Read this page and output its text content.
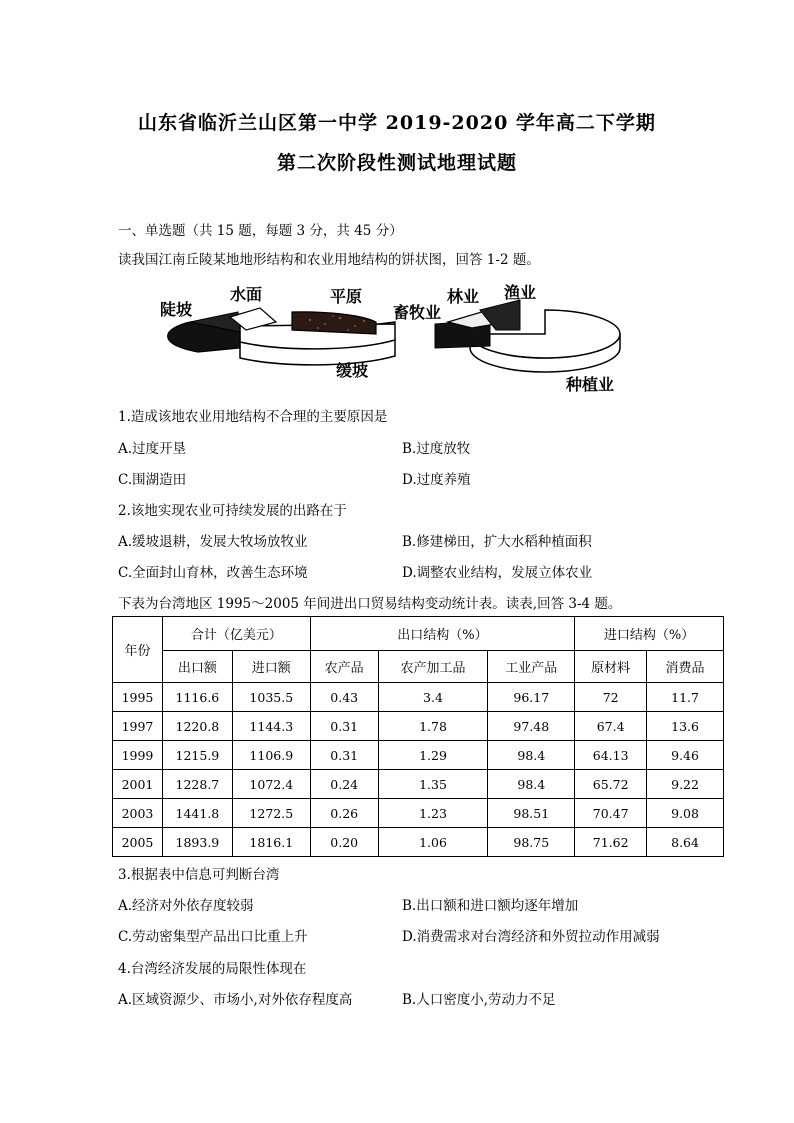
山东省临沂兰山区第一中学 2019-2020 学年高二下学期
第二次阶段性测试地理试题
一、单选题（共 15 题，每题 3 分，共 45 分）
读我国江南丘陵某地地形结构和农业用地结构的饼状图，回答 1-2 题。
陡坡
水面	平原
缓坡
畜牧业
林业 渔业
种植业
1.造成该地农业用地结构不合理的主要原因是
A.过度开垦	B.过度放牧
C.围湖造田	D.过度养殖
2.该地实现农业可持续发展的出路在于
A.缓坡退耕，发展大牧场放牧业	B.修建梯田，扩大水稻种植面积
C.全面封山育林，改善生态环境	D.调整农业结构，发展立体农业
下表为台湾地区 1995～2005 年间进出口贸易结构变动统计表。读表,回答 3-4 题。
年份	合计（亿美元）		出口结构（%）			进口结构（%）	
	出口额	进口额	农产品	农产加工品	工业产品	原材料	消费品
1995	1116.6	1035.5	0.43	3.4	96.17	72	11.7
1997	1220.8	1144.3	0.31	1.78	97.48	67.4	13.6
1999	1215.9	1106.9	0.31	1.29	98.4	64.13	9.46
2001	1228.7	1072.4	0.24	1.35	98.4	65.72	9.22
2003	1441.8	1272.5	0.26	1.23	98.51	70.47	9.08
2005	1893.9	1816.1	0.20	1.06	98.75	71.62	8.64
3.根据表中信息可判断台湾
A.经济对外依存度较弱	B.出口额和进口额均逐年增加
C.劳动密集型产品出口比重上升	D.消费需求对台湾经济和外贸拉动作用减弱
4.台湾经济发展的局限性体现在
A.区域资源少、市场小,对外依存程度高	B.人口密度小,劳动力不足
